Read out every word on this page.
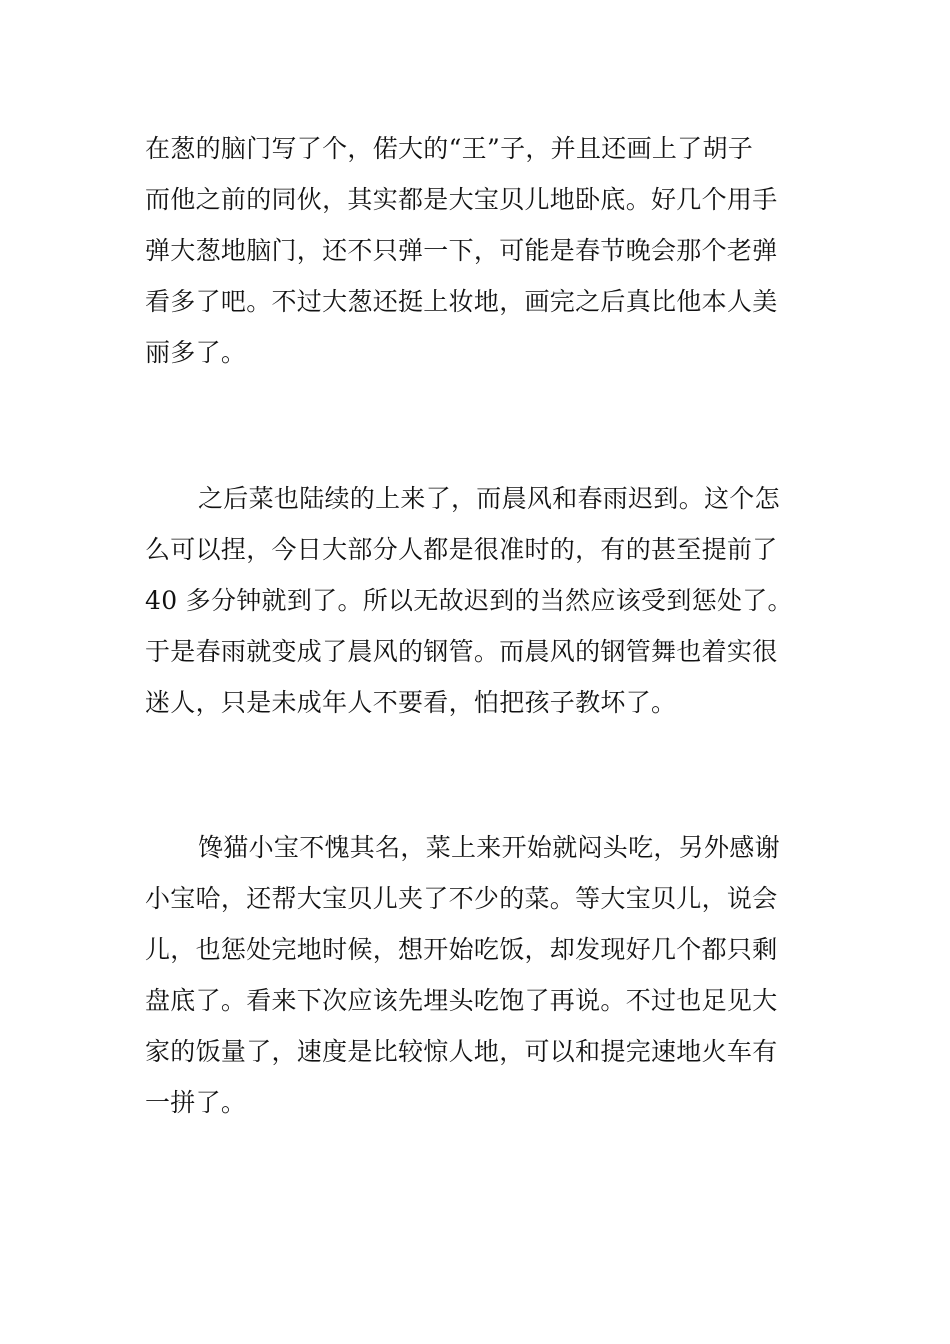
在葱的脑门写了个，偌大的“王”子，并且还画上了胡子
而他之前的同伙，其实都是大宝贝儿地卧底。好几个用手
弹大葱地脑门，还不只弹一下，可能是春节晚会那个老弹
看多了吧。不过大葱还挺上妆地，画完之后真比他本人美
丽多了。
之后菜也陆续的上来了，而晨风和春雨迟到。这个怎
么可以捏，今日大部分人都是很准时的，有的甚至提前了
40 多分钟就到了。所以无故迟到的当然应该受到惩处了。
于是春雨就变成了晨风的钢管。而晨风的钢管舞也着实很
迷人，只是未成年人不要看，怕把孩子教坏了。
馋猫小宝不愧其名，菜上来开始就闷头吃，另外感谢
小宝哈，还帮大宝贝儿夹了不少的菜。等大宝贝儿，说会
儿，也惩处完地时候，想开始吃饭，却发现好几个都只剩
盘底了。看来下次应该先埋头吃饱了再说。不过也足见大
家的饭量了，速度是比较惊人地，可以和提完速地火车有
一拼了。
